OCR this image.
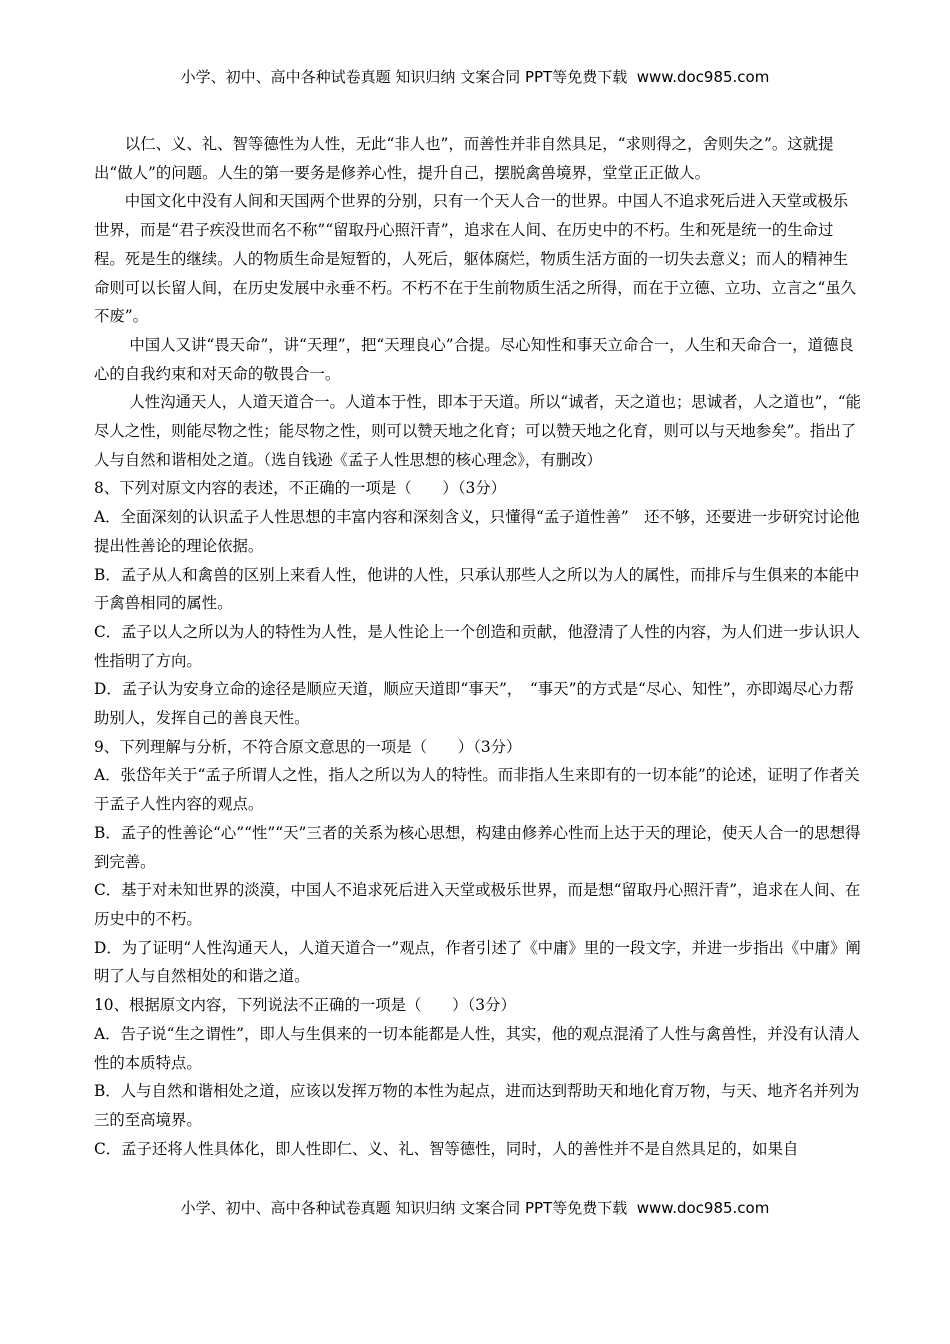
小学、初中、高中各种试卷真题 知识归纳 文案合同 PPT等免费下载 www.doc985.com

以仁、义、礼、智等德性为人性，无此“非人也”，而善性并非自然具足，“求则得之，舍则失之”。这就提出“做人”的问题。人生的第一要务是修养心性，提升自己，摆脱禽兽境界，堂堂正正做人。

中国文化中没有人间和天国两个世界的分别，只有一个天人合一的世界。中国人不追求死后进入天堂或极乐世界，而是“君子疾没世而名不称”“留取丹心照汗青”，追求在人间、在历史中的不朽。生和死是统一的生命过程。死是生的继续。人的物质生命是短暂的，人死后，躯体腐烂，物质生活方面的一切失去意义；而人的精神生命则可以长留人间，在历史发展中永垂不朽。不朽不在于生前物质生活之所得，而在于立德、立功、立言之“虽久不废”。

中国人又讲“畏天命”，讲“天理”，把“天理良心”合提。尽心知性和事天立命合一，人生和天命合一，道德良心的自我约束和对天命的敬畏合一。

人性沟通天人，人道天道合一。人道本于性，即本于天道。所以“诚者，天之道也；思诚者，人之道也”，“能尽人之性，则能尽物之性；能尽物之性，则可以赞天地之化育；可以赞天地之化育，则可以与天地参矣”。指出了人与自然和谐相处之道。（选自钱逊《孟子人性思想的核心理念》，有删改）

8、下列对原文内容的表述，不正确的一项是（　　）（3分）

A．全面深刻的认识孟子人性思想的丰富内容和深刻含义，只懂得“孟子道性善”　还不够，还要进一步研究讨论他提出性善论的理论依据。

B．孟子从人和禽兽的区别上来看人性，他讲的人性，只承认那些人之所以为人的属性，而排斥与生俱来的本能中于禽兽相同的属性。

C．孟子以人之所以为人的特性为人性，是人性论上一个创造和贡献，他澄清了人性的内容，为人们进一步认识人性指明了方向。

D．孟子认为安身立命的途径是顺应天道，顺应天道即“事天”，　“事天”的方式是“尽心、知性”，亦即竭尽心力帮助别人，发挥自己的善良天性。

9、下列理解与分析，不符合原文意思的一项是（　　）（3分）

A．张岱年关于“孟子所谓人之性，指人之所以为人的特性。而非指人生来即有的一切本能”的论述，证明了作者关于孟子人性内容的观点。

B．孟子的性善论“心”“性”“天”三者的关系为核心思想，构建由修养心性而上达于天的理论，使天人合一的思想得到完善。

C．基于对未知世界的淡漠，中国人不追求死后进入天堂或极乐世界，而是想“留取丹心照汗青”，追求在人间、在历史中的不朽。

D．为了证明“人性沟通天人，人道天道合一”观点，作者引述了《中庸》里的一段文字，并进一步指出《中庸》阐明了人与自然相处的和谐之道。

10、根据原文内容，下列说法不正确的一项是（　　）（3分）

A．告子说“生之谓性”，即人与生俱来的一切本能都是人性，其实，他的观点混淆了人性与禽兽性，并没有认清人性的本质特点。

B．人与自然和谐相处之道，应该以发挥万物的本性为起点，进而达到帮助天和地化育万物，与天、地齐名并列为三的至高境界。

C．孟子还将人性具体化，即人性即仁、义、礼、智等德性，同时，人的善性并不是自然具足的，如果自

小学、初中、高中各种试卷真题 知识归纳 文案合同 PPT等免费下载 www.doc985.com
